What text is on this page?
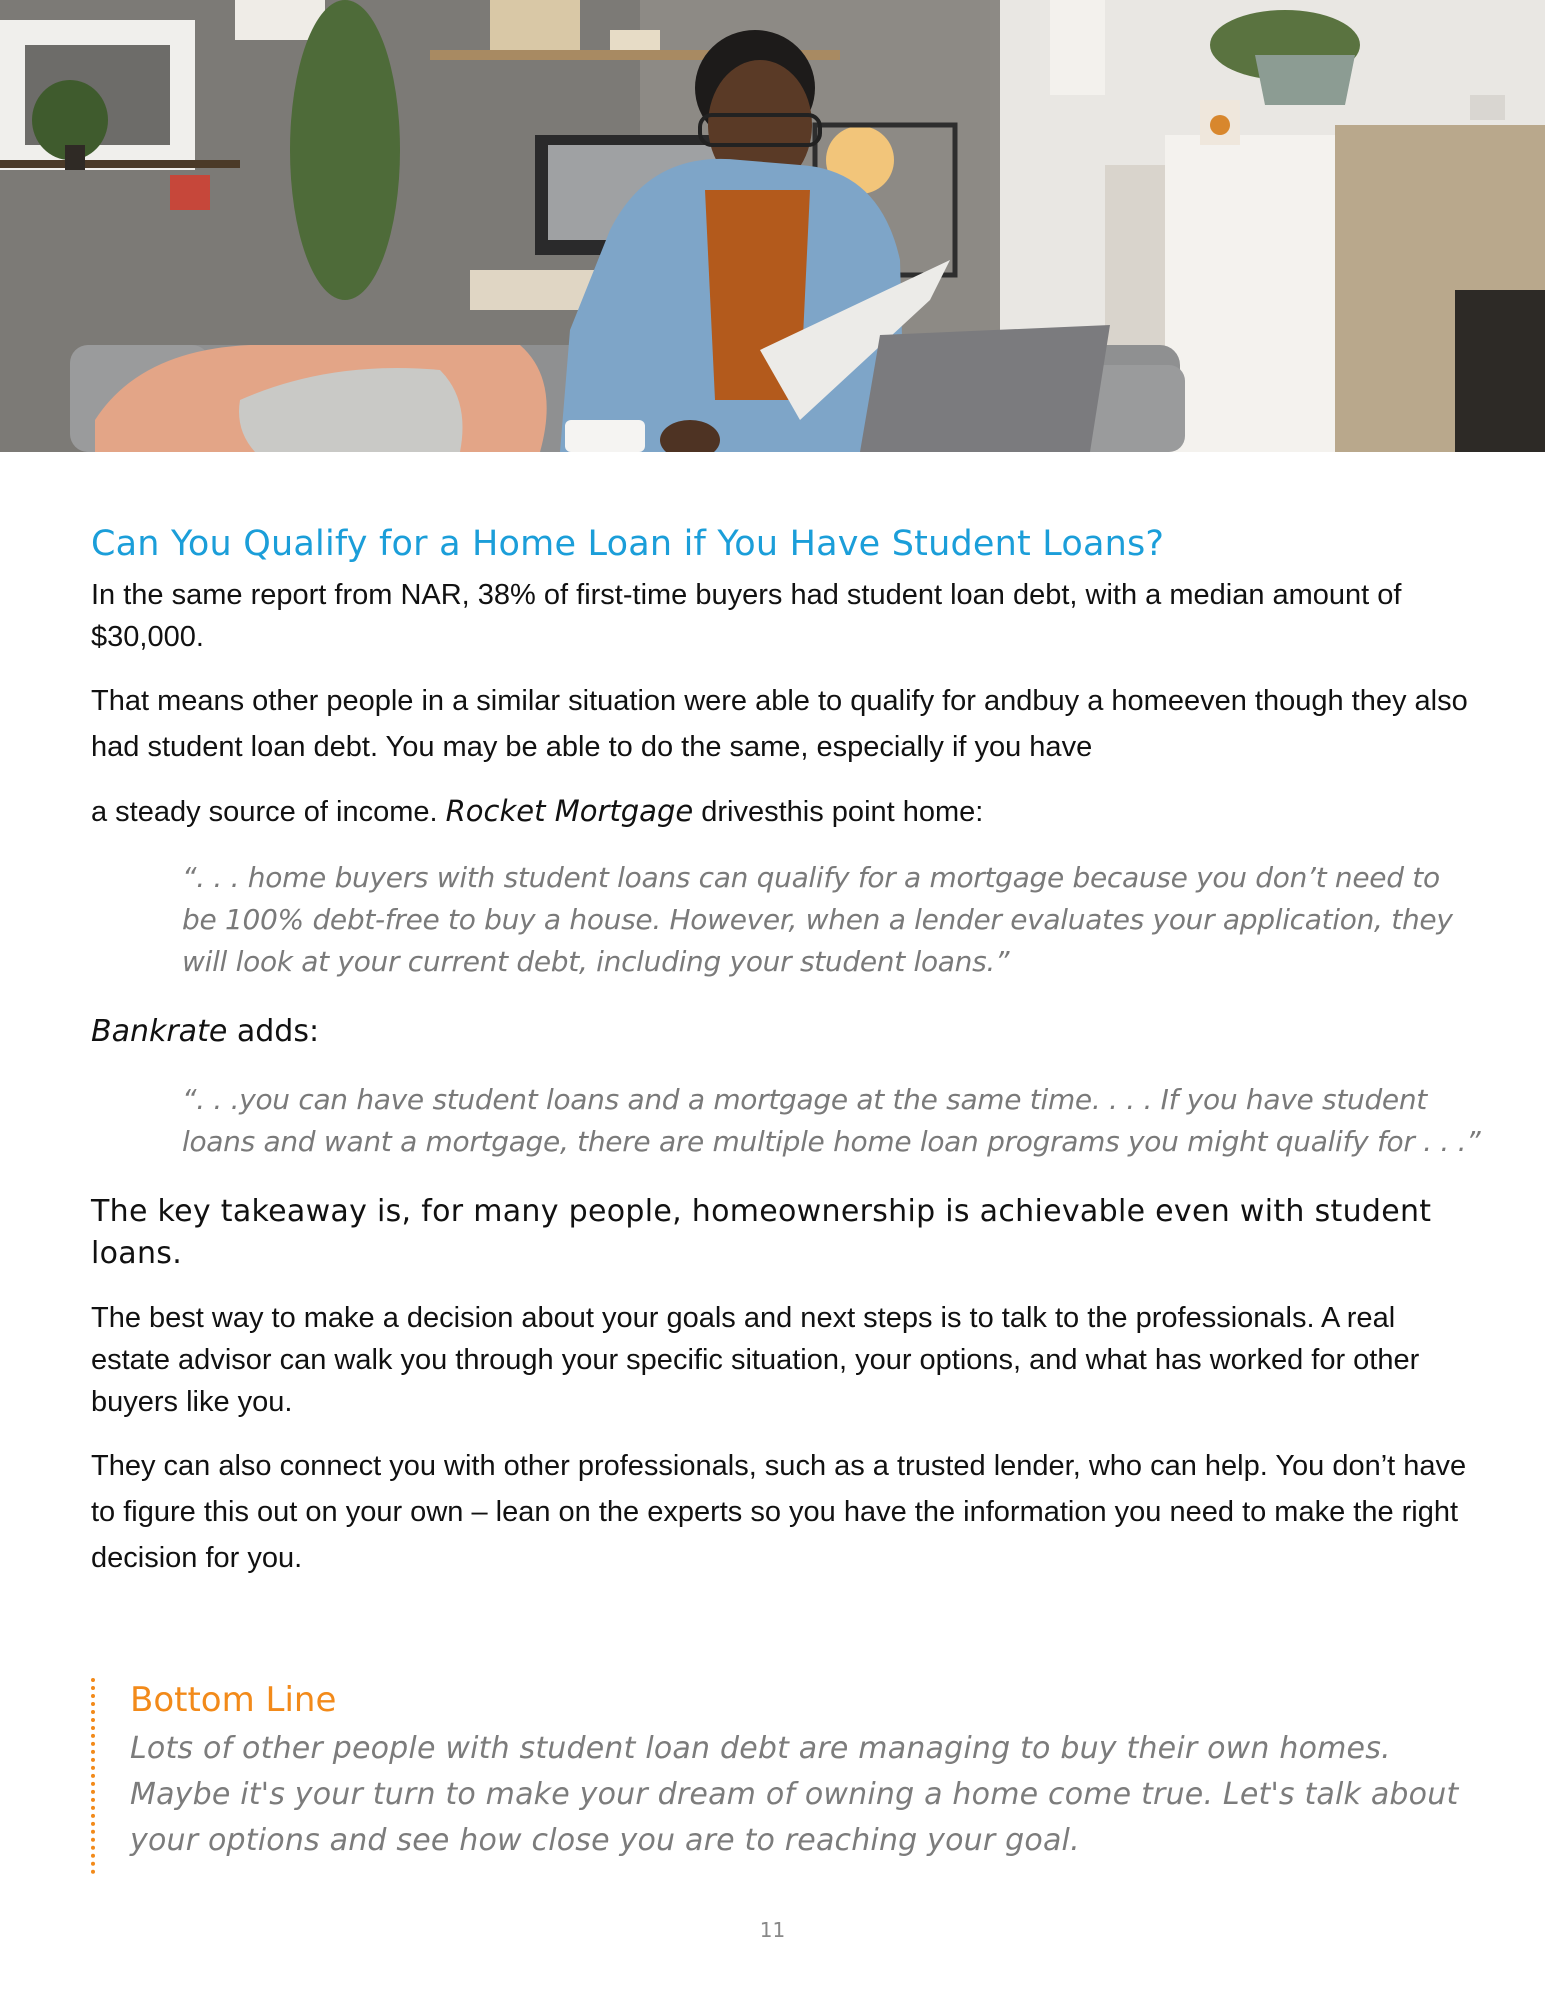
Can You Qualify for a Home Loan if You Have Student Loans?

In the same report from NAR, 38% of first-time buyers had student loan debt, with a median amount of $30,000.

That means other people in a similar situation were able to qualify for andbuy a homeeven though they also had student loan debt. You may be able to do the same, especially if you have

a steady source of income. Rocket Mortgage drivesthis point home:

“. . . home buyers with student loans can qualify for a mortgage because you don’t need to be 100% debt-free to buy a house. However, when a lender evaluates your application, they will look at your current debt, including your student loans.”

Bankrate adds:

“. . .you can have student loans and a mortgage at the same time. . . . If you have student loans and want a mortgage, there are multiple home loan programs you might qualify for . . .”

The key takeaway is, for many people, homeownership is achievable even with student loans.

The best way to make a decision about your goals and next steps is to talk to the professionals. A real estate advisor can walk you through your specific situation, your options, and what has worked for other buyers like you.

They can also connect you with other professionals, such as a trusted lender, who can help. You don’t have to figure this out on your own – lean on the experts so you have the information you need to make the right decision for you.

Bottom Line

Lots of other people with student loan debt are managing to buy their own homes. Maybe it's your turn to make your dream of owning a home come true. Let's talk about your options and see how close you are to reaching your goal.

11
